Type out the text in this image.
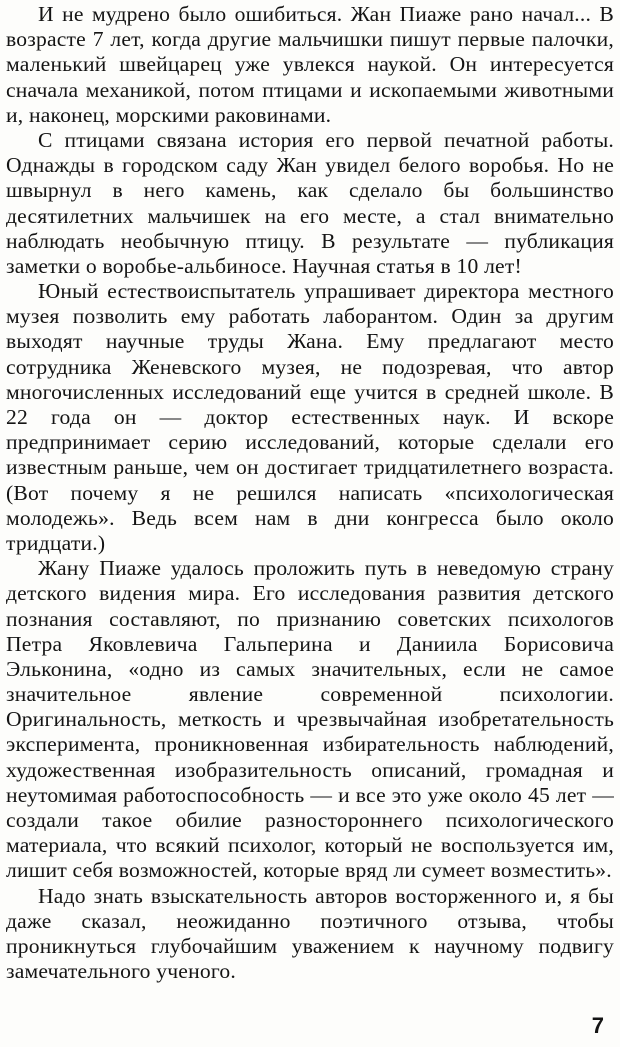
И не мудрено было ошибиться. Жан Пиаже рано начал... В возрасте 7 лет, когда другие мальчишки пишут первые палочки, маленький швейцарец уже увлекся наукой. Он интересуется сначала механикой, потом птицами и ископаемыми животными и, наконец, морскими раковинами.

С птицами связана история его первой печатной работы. Однажды в городском саду Жан увидел белого воробья. Но не швырнул в него камень, как сделало бы большинство десятилетних мальчишек на его месте, а стал внимательно наблюдать необычную птицу. В результате — публикация заметки о воробье-альбиносе. Научная статья в 10 лет!

Юный естествоиспытатель упрашивает директора местного музея позволить ему работать лаборантом. Один за другим выходят научные труды Жана. Ему предлагают место сотрудника Женевского музея, не подозревая, что автор многочисленных исследований еще учится в средней школе. В 22 года он — доктор естественных наук. И вскоре предпринимает серию исследований, которые сделали его известным раньше, чем он достигает тридцатилетнего возраста. (Вот почему я не решился написать «психологическая молодежь». Ведь всем нам в дни конгресса было около тридцати.)

Жану Пиаже удалось проложить путь в неведомую страну детского видения мира. Его исследования развития детского познания составляют, по признанию советских психологов Петра Яковлевича Гальперина и Даниила Борисовича Эльконина, «одно из самых значительных, если не самое значительное явление современной психологии. Оригинальность, меткость и чрезвычайная изобретательность эксперимента, проникновенная избирательность наблюдений, художественная изобразительность описаний, громадная и неутомимая работоспособность — и все это уже около 45 лет — создали такое обилие разностороннего психологического материала, что всякий психолог, который не воспользуется им, лишит себя возможностей, которые вряд ли сумеет возместить».

Надо знать взыскательность авторов восторженного и, я бы даже сказал, неожиданно поэтичного отзыва, чтобы проникнуться глубочайшим уважением к научному подвигу замечательного ученого.

7
